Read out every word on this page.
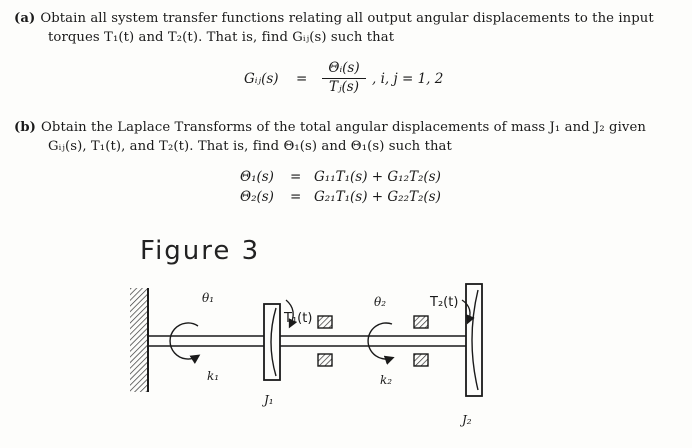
(a) Obtain all system transfer functions relating all output angular displacements to the input
torques T₁(t) and T₂(t). That is, find Gᵢⱼ(s) such that
Gᵢⱼ(s) =
Θᵢ(s)
Tⱼ(s) , i, j = 1, 2
(b) Obtain the Laplace Transforms of the total angular displacements of mass J₁ and J₂ given
Gᵢⱼ(s), T₁(t), and T₂(t). That is, find Θ₁(s) and Θ₁(s) such that
Θ₁(s) = G₁₁T₁(s) + G₁₂T₂(s)
Θ₂(s) = G₂₁T₁(s) + G₂₂T₂(s)
Figure 3
θ₁
k₁
J₁
T₁(t)
θ₂
k₂
T₂(t)
J₂
